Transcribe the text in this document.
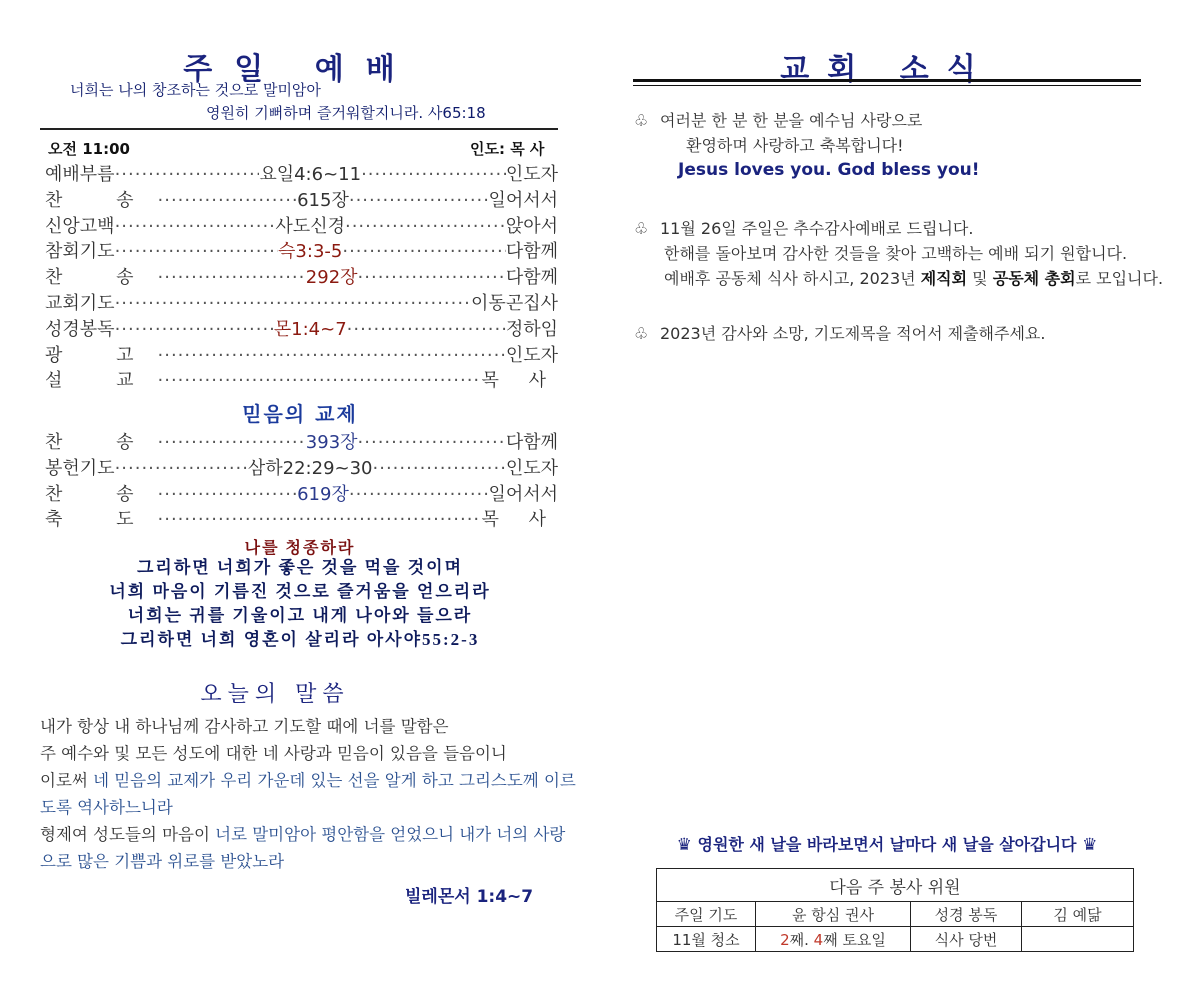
주일 예배
너희는 나의 창조하는 것으로 말미암아
영원히 기뻐하며 즐거워할지니라. 사65:18
오전 11:00	인도: 목 사
예배부름 ·····	요일4:6~11 ·····	인도자
찬 송 ·····	615장 ·····	일어서서
신앙고백 ·····	사도신경 ·····	앉아서
참회기도 ·····	슥3:3-5 ·····	다함께
찬 송 ·····	292장 ·····	다함께
교회기도 ·····	이동곤집사
성경봉독 ·····	몬1:4~7 ·····	정하임
광 고 ·····	인도자
설 교 ·····	목 사
믿음의 교제
찬 송 ·····	393장 ·····	다함께
봉헌기도 ·····	삼하22:29~30 ·····	인도자
찬 송 ·····	619장 ·····	일어서서
축 도 ·····	목 사
나를 청종하라
그리하면 너희가 좋은 것을 먹을 것이며
너희 마음이 기름진 것으로 즐거움을 얻으리라
너희는 귀를 기울이고 내게 나아와 들으라
그리하면 너희 영혼이 살리라 아사야55:2-3
오늘의 말씀

내가 항상 내 하나님께 감사하고 기도할 때에 너를 말함은

주 예수와 및 모든 성도에 대한 네 사랑과 믿음이 있음을 들음이니

이로써 네 믿음의 교제가 우리 가운데 있는 선을 알게 하고 그리스도께 이르도록 역사하느니라

형제여 성도들의 마음이 너로 말미암아 평안함을 얻었으니 내가 너의 사랑으로 많은 기쁨과 위로를 받았노라

빌레몬서 1:4~7
교회 소식

♧ 여러분 한 분 한 분을 예수님 사랑으로

환영하며 사랑하고 축복합니다!

Jesus loves you. God bless you!

♧ 11월 26일 주일은 추수감사예배로 드립니다.

한해를 돌아보며 감사한 것들을 찾아 고백하는 예배 되기 원합니다.

예배후 공동체 식사 하시고, 2023년 제직회 및 공동체 총회로 모입니다.

♧ 2023년 감사와 소망, 기도제목을 적어서 제출해주세요.

♛ 영원한 새 날을 바라보면서 날마다 새 날을 살아갑니다 ♛
다음 주 봉사 위원			
주일 기도	윤 항심 권사	성경 봉독	김 예닮
11월 청소	2째. 4째 토요일	식사 당번	
